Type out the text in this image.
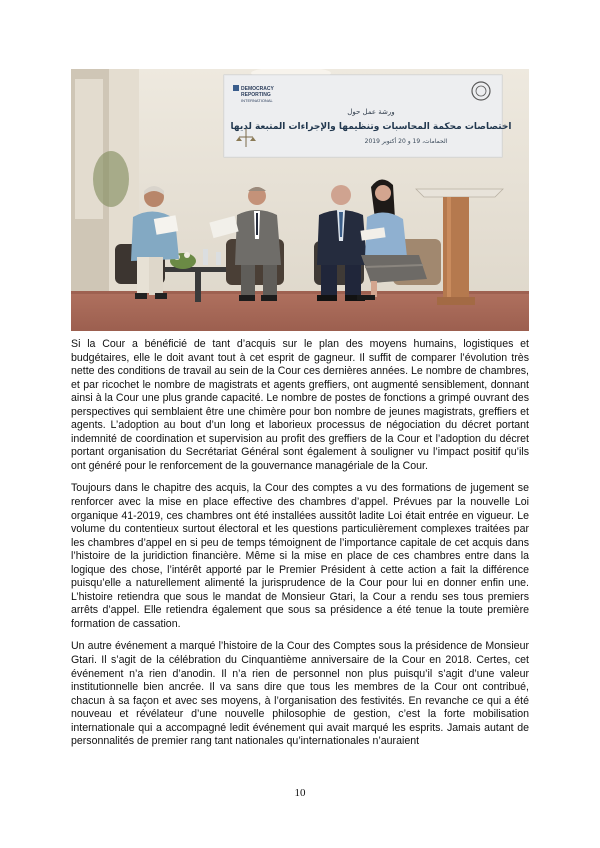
DEMOCRACY
REPORTING
INTERNATIONAL
ورشة عمل حول
اختصاصات محكمة المحاسبات وتنظيمها والإجراءات المتبعة لديها
الحمامات، 19 و 20 أكتوبر 2019

Si la Cour a bénéficié de tant d’acquis sur le plan des moyens humains, logistiques et budgétaires, elle le doit avant tout à cet esprit de gagneur. Il suffit de comparer l’évolution très nette des conditions de travail au sein de la Cour ces dernières années. Le nombre de chambres, et par ricochet le nombre de magistrats et agents greffiers, ont augmenté sensiblement, donnant ainsi à la Cour une plus grande capacité. Le nombre de postes de fonctions a grimpé ouvrant des perspectives qui semblaient être une chimère pour bon nombre de jeunes magistrats, greffiers et agents. L’adoption au bout d’un long et laborieux processus de négociation du décret portant indemnité de coordination et supervision au profit des greffiers de la Cour et l’adoption du décret portant organisation du Secrétariat Général sont également à souligner vu l’impact positif qu’ils ont généré pour le renforcement de la gouvernance managériale de la Cour.

Toujours dans le chapitre des acquis, la Cour des comptes a vu des formations de jugement se renforcer avec la mise en place effective des chambres d’appel. Prévues par la nouvelle Loi organique 41-2019, ces chambres ont été installées aussitôt ladite Loi était entrée en vigueur. Le volume du contentieux surtout électoral et les questions particulièrement complexes traitées par les chambres d’appel en si peu de temps témoignent de l’importance capitale de cet acquis dans l’histoire de la juridiction financière. Même si la mise en place de ces chambres entre dans la logique des chose, l’intérêt apporté par le Premier Président à cette action a fait la différence puisqu’elle a naturellement alimenté la jurisprudence de la Cour pour lui en donner enfin une. L’histoire retiendra que sous le mandat de Monsieur Gtari, la Cour a rendu ses tous premiers arrêts d’appel. Elle retiendra également que sous sa présidence a été tenue la toute première formation de cassation.

Un autre événement a marqué l’histoire de la Cour des Comptes sous la présidence de Monsieur Gtari. Il s’agit de la célébration du Cinquantième anniversaire de la Cour en 2018. Certes, cet événement n’a rien d’anodin. Il n’a rien de personnel non plus puisqu’il s’agit d’une valeur institutionnelle bien ancrée. Il va sans dire que tous les membres de la Cour ont contribué, chacun à sa façon et avec ses moyens, à l’organisation des festivités. En revanche ce qui a été nouveau et révélateur d’une nouvelle philosophie de gestion, c’est la forte mobilisation internationale qui a accompagné ledit événement qui avait marqué les esprits. Jamais autant de personnalités de premier rang tant nationales qu’internationales n’auraient

10
